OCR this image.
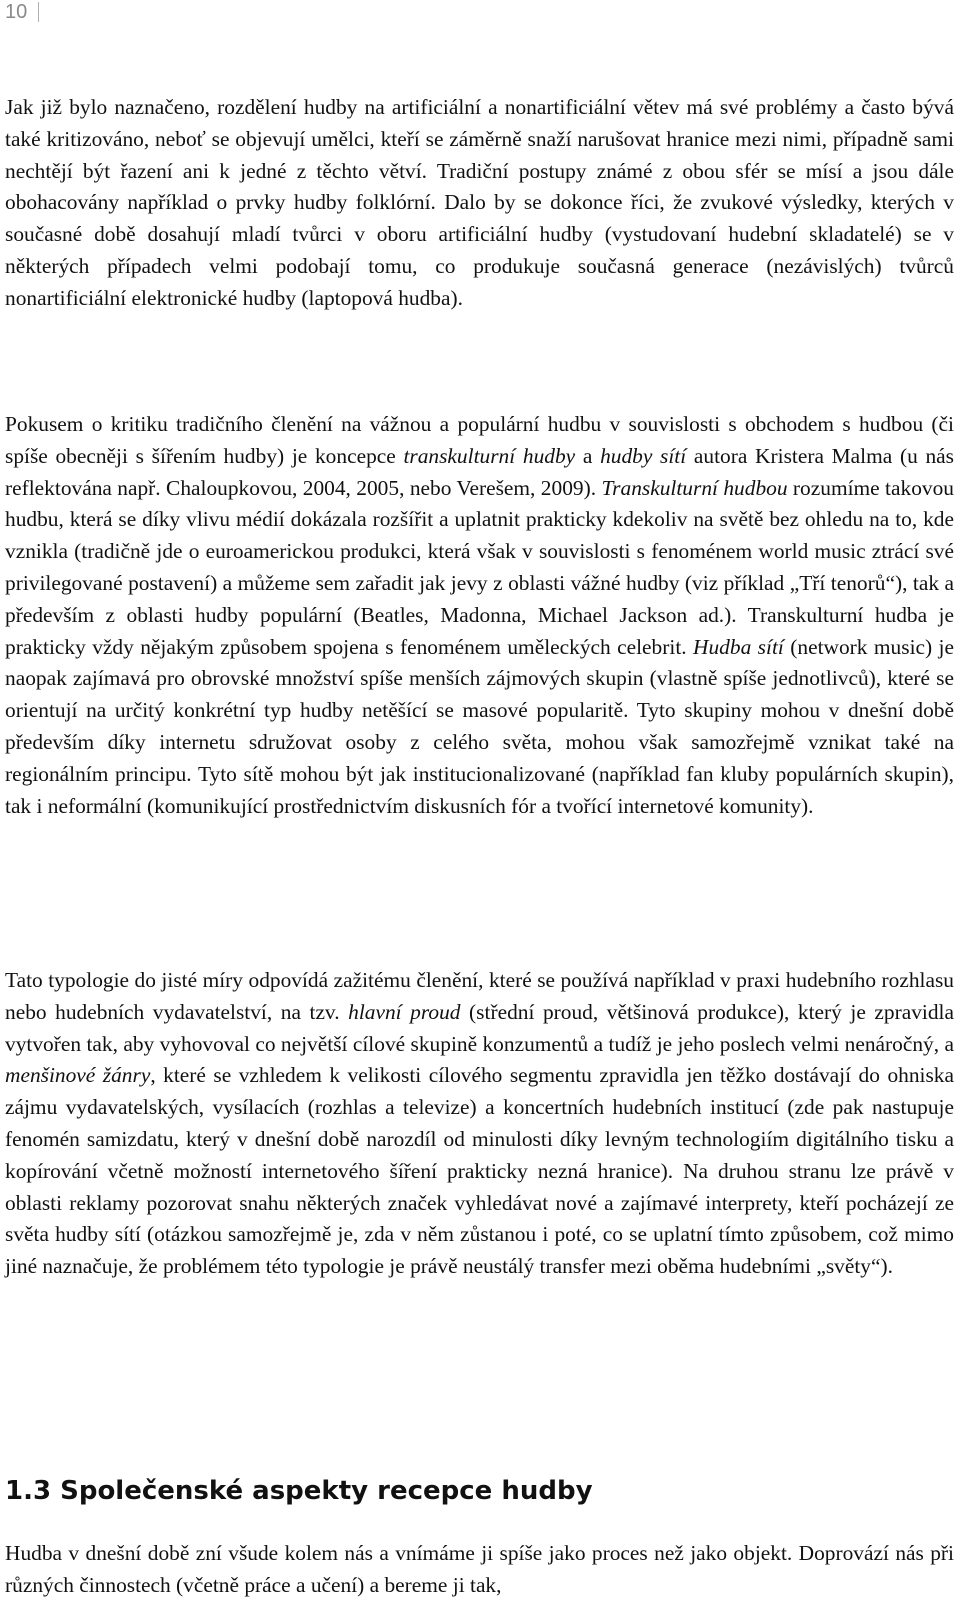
10

Jak již bylo naznačeno, rozdělení hudby na artificiální a nonartificiální větev má své problémy a často bývá také kritizováno, neboť se objevují umělci, kteří se záměrně snaží narušovat hranice mezi nimi, případně sami nechtějí být řazení ani k jedné z těchto větví. Tradiční postupy známé z obou sfér se mísí a jsou dále obohacovány například o prvky hudby folklórní. Dalo by se dokonce říci, že zvukové výsledky, kterých v současné době dosahují mladí tvůrci v oboru artificiální hudby (vystudovaní hudební skladatelé) se v některých případech velmi podobají tomu, co produkuje současná generace (nezávislých) tvůrců nonartificiální elektronické hudby (laptopová hudba).

Pokusem o kritiku tradičního členění na vážnou a populární hudbu v souvislosti s obchodem s hudbou (či spíše obecněji s šířením hudby) je koncepce transkulturní hudby a hudby sítí autora Kristera Malma (u nás reflektována např. Chaloupkovou, 2004, 2005, nebo Verešem, 2009). Transkulturní hudbou rozumíme takovou hudbu, která se díky vlivu médií dokázala rozšířit a uplatnit prakticky kdekoliv na světě bez ohledu na to, kde vznikla (tradičně jde o euroamerickou produkci, která však v souvislosti s fenoménem world music ztrácí své privilegované postavení) a můžeme sem zařadit jak jevy z oblasti vážné hudby (viz příklad „Tří tenorů“), tak a především z oblasti hudby populární (Beatles, Madonna, Michael Jackson ad.). Transkulturní hudba je prakticky vždy nějakým způsobem spojena s fenoménem uměleckých celebrit. Hudba sítí (network music) je naopak zajímavá pro obrovské množství spíše menších zájmových skupin (vlastně spíše jednotlivců), které se orientují na určitý konkrétní typ hudby netěšící se masové popularitě. Tyto skupiny mohou v dnešní době především díky internetu sdružovat osoby z celého světa, mohou však samozřejmě vznikat také na regionálním principu. Tyto sítě mohou být jak institucionalizované (například fan kluby populárních skupin), tak i neformální (komunikující prostřednictvím diskusních fór a tvořící internetové komunity).

Tato typologie do jisté míry odpovídá zažitému členění, které se používá například v praxi hudebního rozhlasu nebo hudebních vydavatelství, na tzv. hlavní proud (střední proud, většinová produkce), který je zpravidla vytvořen tak, aby vyhovoval co největší cílové skupině konzumentů a tudíž je jeho poslech velmi nenáročný, a menšinové žánry, které se vzhledem k velikosti cílového segmentu zpravidla jen těžko dostávají do ohniska zájmu vydavatelských, vysílacích (rozhlas a televize) a koncertních hudebních institucí (zde pak nastupuje fenomén samizdatu, který v dnešní době narozdíl od minulosti díky levným technologiím digitálního tisku a kopírování včetně možností internetového šíření prakticky nezná hranice). Na druhou stranu lze právě v oblasti reklamy pozorovat snahu některých značek vyhledávat nové a zajímavé interprety, kteří pocházejí ze světa hudby sítí (otázkou samozřejmě je, zda v něm zůstanou i poté, co se uplatní tímto způsobem, což mimo jiné naznačuje, že problémem této typologie je právě neustálý transfer mezi oběma hudebními „světy“).

1.3 Společenské aspekty recepce hudby

Hudba v dnešní době zní všude kolem nás a vnímáme ji spíše jako proces než jako objekt. Doprovází nás při různých činnostech (včetně práce a učení) a bereme ji tak,
